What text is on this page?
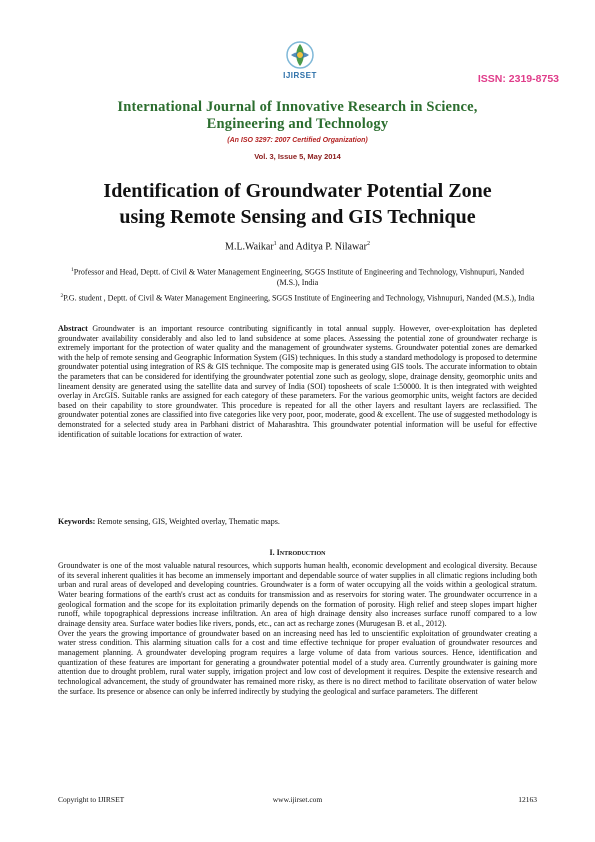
IJIRSET	ISSN: 2319-8753
International Journal of Innovative Research in Science,
Engineering and Technology
(An ISO 3297: 2007 Certified Organization)
Vol. 3, Issue 5, May 2014
Identification of Groundwater Potential Zone
using Remote Sensing and GIS Technique
M.L.Waikar$^1$ and Aditya P. Nilawar$^2$
$^1$Professor and Head, Deptt. of Civil & Water Management Engineering, SGGS Institute of Engineering and Technology, Vishnupuri, Nanded (M.S.), India
$^2$P.G. student , Deptt. of Civil & Water Management Engineering, SGGS Institute of Engineering and Technology, Vishnupuri, Nanded (M.S.), India
Abstract Groundwater is an important resource contributing significantly in total annual supply. However, over-exploitation has depleted groundwater availability considerably and also led to land subsidence at some places. Assessing the potential zone of groundwater recharge is extremely important for the protection of water quality and the management of groundwater systems. Groundwater potential zones are demarked with the help of remote sensing and Geographic Information System (GIS) techniques. In this study a standard methodology is proposed to determine groundwater potential using integration of RS & GIS technique. The composite map is generated using GIS tools. The accurate information to obtain the parameters that can be considered for identifying the groundwater potential zone such as geology, slope, drainage density, geomorphic units and lineament density are generated using the satellite data and survey of India (SOI) toposheets of scale 1:50000. It is then integrated with weighted overlay in ArcGIS. Suitable ranks are assigned for each category of these parameters. For the various geomorphic units, weight factors are decided based on their capability to store groundwater. This procedure is repeated for all the other layers and resultant layers are reclassified. The groundwater potential zones are classified into five categories like very poor, poor, moderate, good & excellent. The use of suggested methodology is demonstrated for a selected study area in Parbhani district of Maharashtra. This groundwater potential information will be useful for effective identification of suitable locations for extraction of water.
Keywords: Remote sensing, GIS, Weighted overlay, Thematic maps.
I. Introduction

Groundwater is one of the most valuable natural resources, which supports human health, economic development and ecological diversity. Because of its several inherent qualities it has become an immensely important and dependable source of water supplies in all climatic regions including both urban and rural areas of developed and developing countries. Groundwater is a form of water occupying all the voids within a geological stratum. Water bearing formations of the earth's crust act as conduits for transmission and as reservoirs for storing water. The groundwater occurrence in a geological formation and the scope for its exploitation primarily depends on the formation of porosity. High relief and steep slopes impart higher runoff, while topographical depressions increase infiltration. An area of high drainage density also increases surface runoff compared to a low drainage density area. Surface water bodies like rivers, ponds, etc., can act as recharge zones (Murugesan B. et al., 2012).

Over the years the growing importance of groundwater based on an increasing need has led to unscientific exploitation of groundwater creating a water stress condition. This alarming situation calls for a cost and time effective technique for proper evaluation of groundwater resources and management planning. A groundwater developing program requires a large volume of data from various sources. Hence, identification and quantization of these features are important for generating a groundwater potential model of a study area. Currently groundwater is gaining more attention due to drought problem, rural water supply, irrigation project and low cost of development it requires. Despite the extensive research and technological advancement, the study of groundwater has remained more risky, as there is no direct method to facilitate observation of water below the surface. Its presence or absence can only be inferred indirectly by studying the geological and surface parameters. The different

Copyright to IJIRSET	www.ijirset.com	12163
